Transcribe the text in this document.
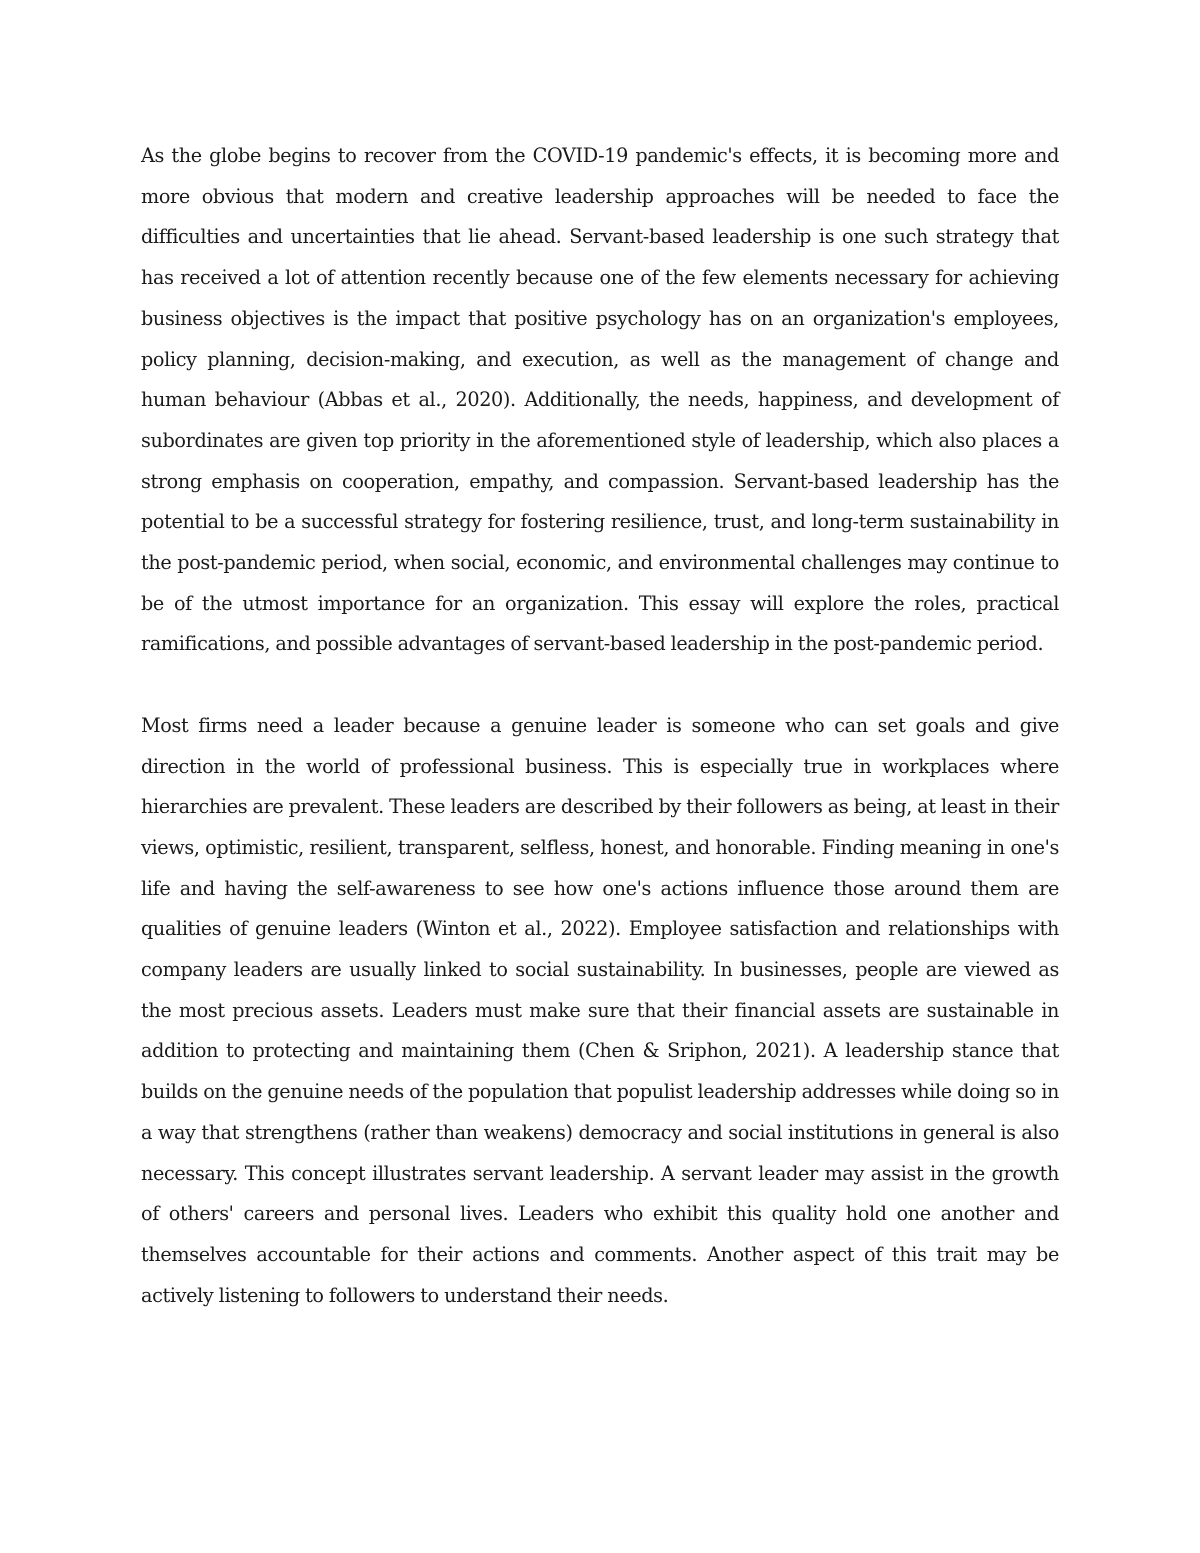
As the globe begins to recover from the COVID-19 pandemic's effects, it is becoming more and more obvious that modern and creative leadership approaches will be needed to face the difficulties and uncertainties that lie ahead. Servant-based leadership is one such strategy that has received a lot of attention recently because one of the few elements necessary for achieving business objectives is the impact that positive psychology has on an organization's employees, policy planning, decision-making, and execution, as well as the management of change and human behaviour (Abbas et al., 2020). Additionally, the needs, happiness, and development of subordinates are given top priority in the aforementioned style of leadership, which also places a strong emphasis on cooperation, empathy, and compassion. Servant-based leadership has the potential to be a successful strategy for fostering resilience, trust, and long-term sustainability in the post-pandemic period, when social, economic, and environmental challenges may continue to be of the utmost importance for an organization. This essay will explore the roles, practical ramifications, and possible advantages of servant-based leadership in the post-pandemic period.

Most firms need a leader because a genuine leader is someone who can set goals and give direction in the world of professional business. This is especially true in workplaces where hierarchies are prevalent. These leaders are described by their followers as being, at least in their views, optimistic, resilient, transparent, selfless, honest, and honorable. Finding meaning in one's life and having the self-awareness to see how one's actions influence those around them are qualities of genuine leaders (Winton et al., 2022). Employee satisfaction and relationships with company leaders are usually linked to social sustainability. In businesses, people are viewed as the most precious assets. Leaders must make sure that their financial assets are sustainable in addition to protecting and maintaining them (Chen & Sriphon, 2021). A leadership stance that builds on the genuine needs of the population that populist leadership addresses while doing so in a way that strengthens (rather than weakens) democracy and social institutions in general is also necessary. This concept illustrates servant leadership. A servant leader may assist in the growth of others' careers and personal lives. Leaders who exhibit this quality hold one another and themselves accountable for their actions and comments. Another aspect of this trait may be actively listening to followers to understand their needs.
